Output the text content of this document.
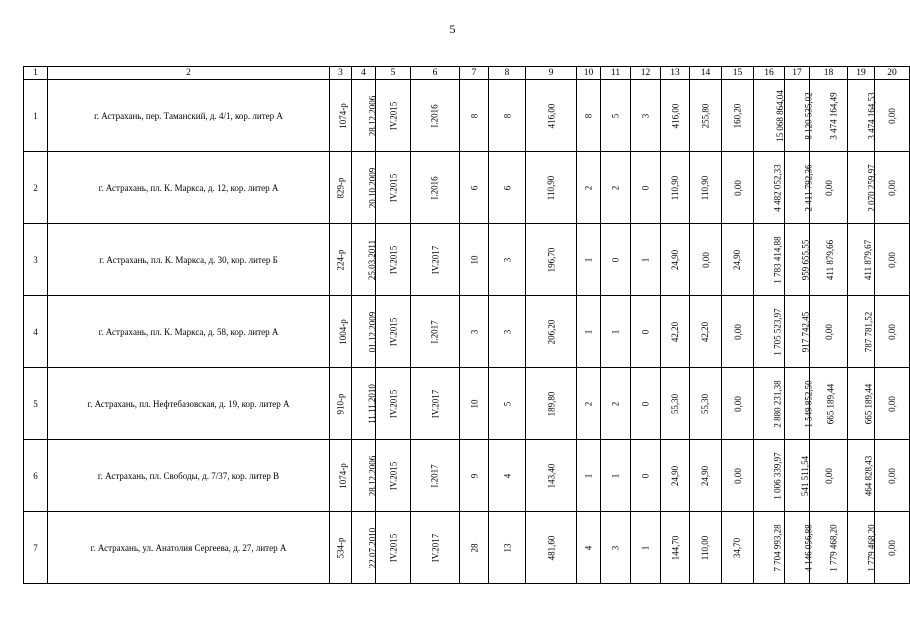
5
1	2	3	4	5	6	7	8	9	10	11	12	13	14	15	16	17	18	19	20
1	г. Астрахань, пер. Таманский, д. 4/1, кор. литер А	1074-р	28.12.2006	IV.2015	I.2016	8	8	416,00	8	5	3	416,00	255,80	160,20	15 068 864,04	8 120 535,02	3 474 164,49	3 474 164,53	0,00
2	г. Астрахань, пл. К. Маркса, д. 12, кор. литер А	829-р	20.10.2009	IV.2015	I.2016	6	6	110,90	2	2	0	110,90	110,90	0,00	4 482 052,33	2 411 792,36	0,00	2 070 259,97	0,00
3	г. Астрахань, пл. К. Маркса, д. 30, кор. литер Б	224-р	25.03.2011	IV.2015	IV.2017	10	3	196,70	1	0	1	24,90	0,00	24,90	1 783 414,88	959 655,55	411 879,66	411 879,67	0,00
4	г. Астрахань, пл. К. Маркса, д. 58, кор. литер А	1004-р	01.12.2009	IV.2015	I.2017	3	3	206,20	1	1	0	42,20	42,20	0,00	1 705 523,97	917 742,45	0,00	787 781,52	0,00
5	г. Астрахань, пл. Нефтебазовская, д. 19, кор. литер А	910-р	11.11.2010	IV.2015	IV.2017	10	5	189,80	2	2	0	55,30	55,30	0,00	2 880 231,38	1 549 852,50	665 189,44	665 189,44	0,00
6	г. Астрахань, пл. Свободы, д. 7/37, кор. литер В	1074-р	28.12.2006	IV.2015	I.2017	9	4	143,40	1	1	0	24,90	24,90	0,00	1 006 339,97	541 511,54	0,00	464 828,43	0,00
7	г. Астрахань, ул. Анатолия Сергеева, д. 27, литер А	534-р	22.07.2010	IV.2015	IV.2017	28	13	481,60	4	3	1	144,70	110,00	34,70	7 704 993,28	4 146 056,88	1 779 468,20	1 779 468,20	0,00
